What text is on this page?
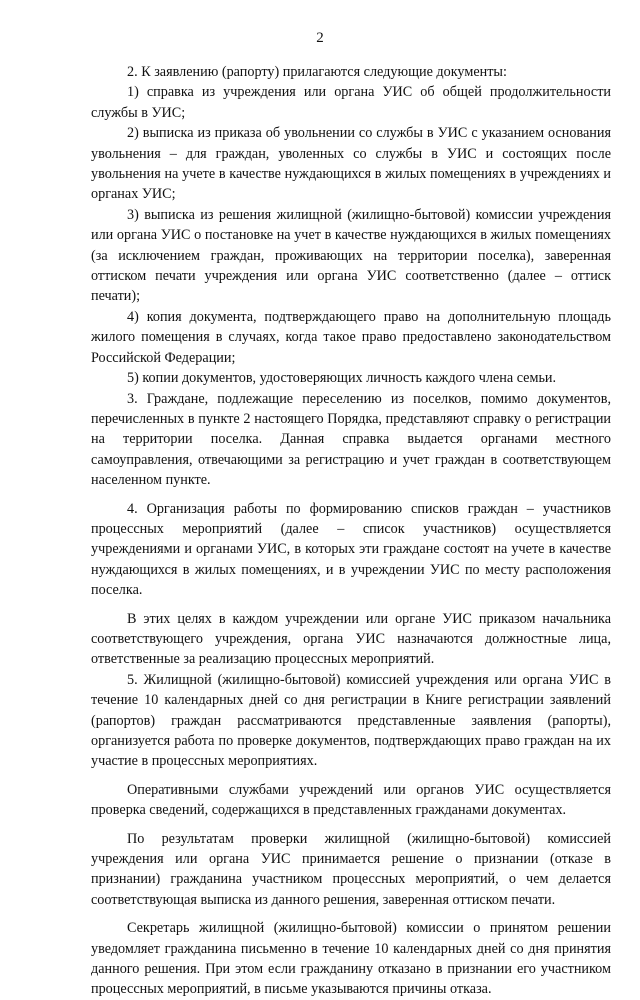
2

2. К заявлению (рапорту) прилагаются следующие документы:

1) справка из учреждения или органа УИС об общей продолжительности службы в УИС;

2) выписка из приказа об увольнении со службы в УИС с указанием основания увольнения – для граждан, уволенных со службы в УИС и состоящих после увольнения на учете в качестве нуждающихся в жилых помещениях в учреждениях и органах УИС;

3) выписка из решения жилищной (жилищно-бытовой) комиссии учреждения или органа УИС о постановке на учет в качестве нуждающихся в жилых помещениях (за исключением граждан, проживающих на территории поселка), заверенная оттиском печати учреждения или органа УИС соответственно (далее – оттиск печати);

4) копия документа, подтверждающего право на дополнительную площадь жилого помещения в случаях, когда такое право предоставлено законодательством Российской Федерации;

5) копии документов, удостоверяющих личность каждого члена семьи.

3. Граждане, подлежащие переселению из поселков, помимо документов, перечисленных в пункте 2 настоящего Порядка, представляют справку о регистрации на территории поселка. Данная справка выдается органами местного самоуправления, отвечающими за регистрацию и учет граждан в соответствующем населенном пункте.

4. Организация работы по формированию списков граждан – участников процессных мероприятий (далее – список участников) осуществляется учреждениями и органами УИС, в которых эти граждане состоят на учете в качестве нуждающихся в жилых помещениях, и в учреждении УИС по месту расположения поселка.

В этих целях в каждом учреждении или органе УИС приказом начальника соответствующего учреждения, органа УИС назначаются должностные лица, ответственные за реализацию процессных мероприятий.

5. Жилищной (жилищно-бытовой) комиссией учреждения или органа УИС в течение 10 календарных дней со дня регистрации в Книге регистрации заявлений (рапортов) граждан рассматриваются представленные заявления (рапорты), организуется работа по проверке документов, подтверждающих право граждан на их участие в процессных мероприятиях.

Оперативными службами учреждений или органов УИС осуществляется проверка сведений, содержащихся в представленных гражданами документах.

По результатам проверки жилищной (жилищно-бытовой) комиссией учреждения или органа УИС принимается решение о признании (отказе в признании) гражданина участником процессных мероприятий, о чем делается соответствующая выписка из данного решения, заверенная оттиском печати.

Секретарь жилищной (жилищно-бытовой) комиссии о принятом решении уведомляет гражданина письменно в течение 10 календарных дней со дня принятия данного решения. При этом если гражданину отказано в признании его участником процессных мероприятий, в письме указываются причины отказа.
